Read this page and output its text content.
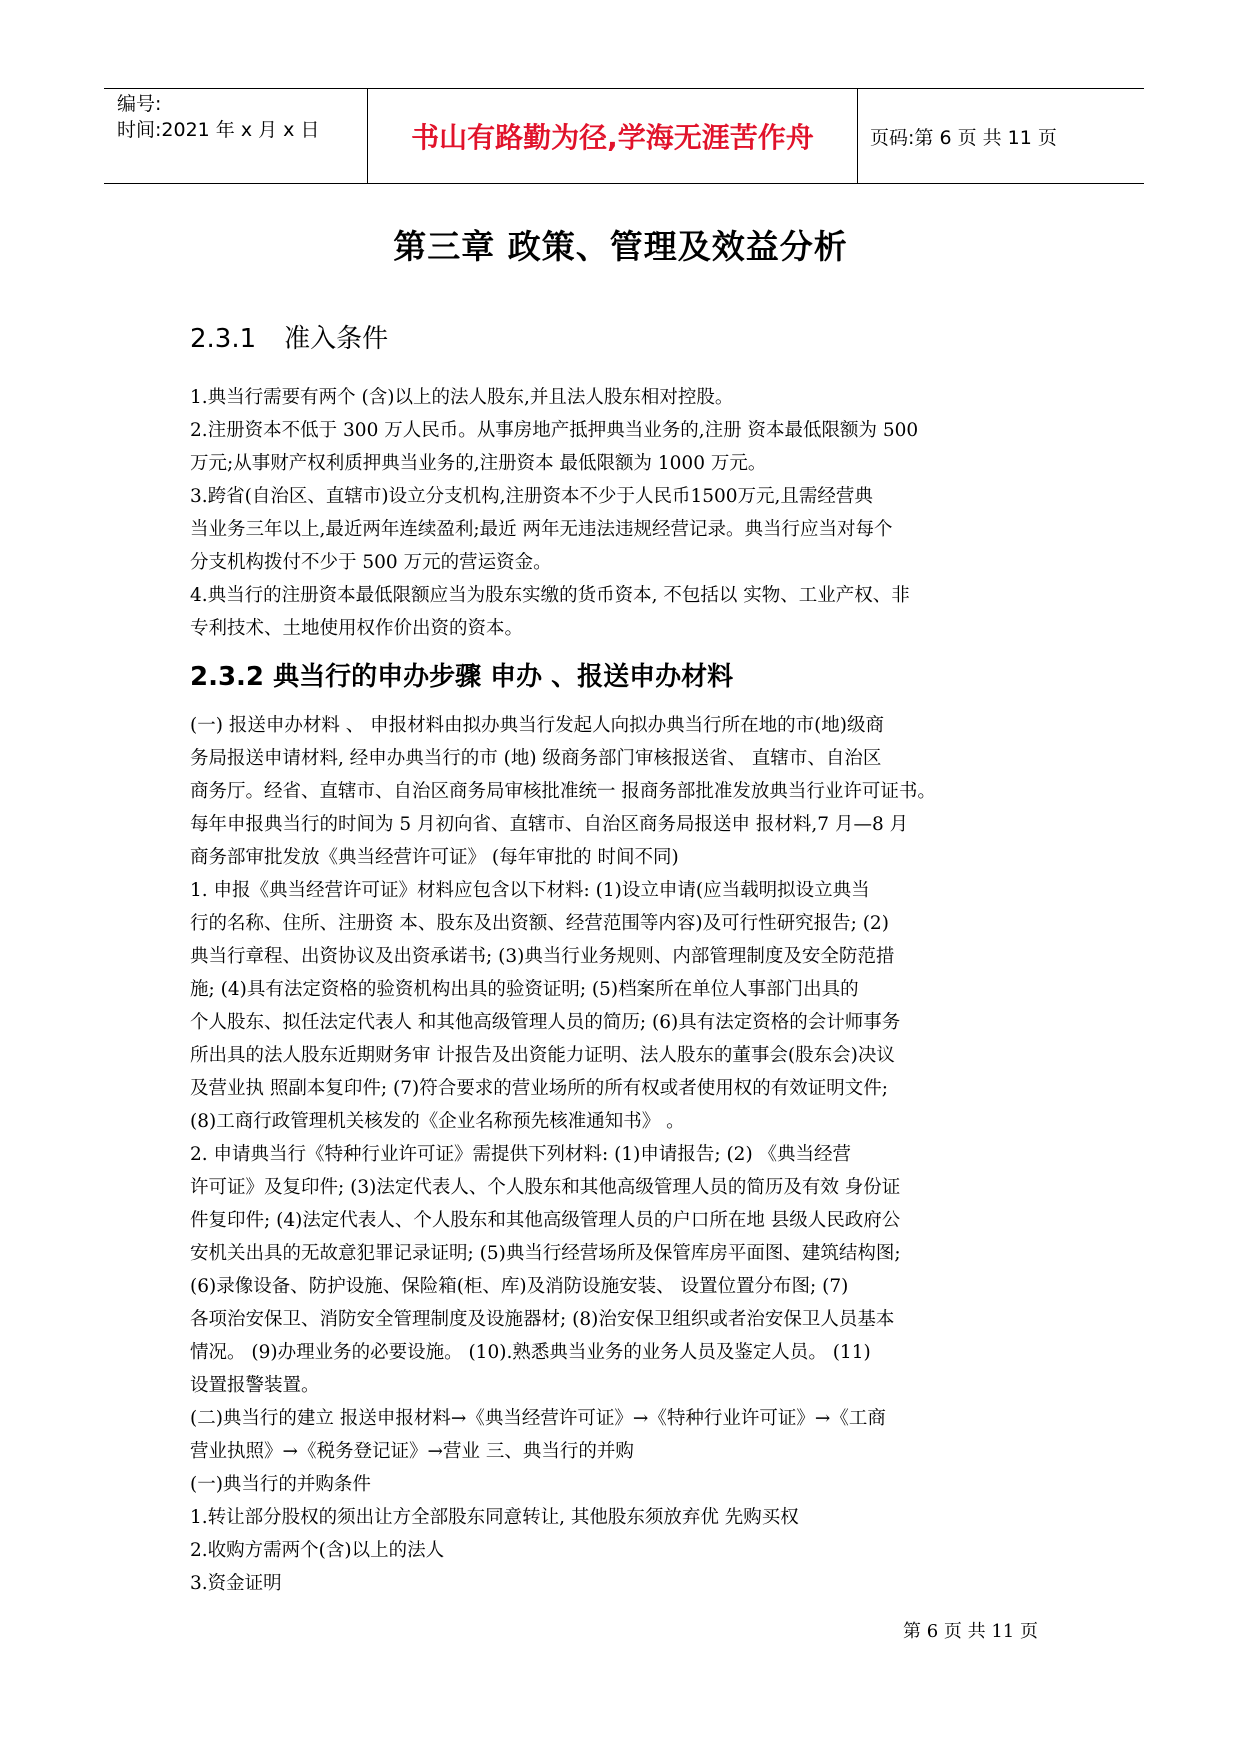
编号:
时间:2021 年 x 月 x 日	书山有路勤为径,学海无涯苦作舟	页码:第 6 页 共 11 页
第三章 政策、管理及效益分析
2.3.1 准入条件
1.典当行需要有两个 (含)以上的法人股东,并且法人股东相对控股。
2.注册资本不低于 300 万人民币。从事房地产抵押典当业务的,注册 资本最低限额为 500
万元;从事财产权利质押典当业务的,注册资本 最低限额为 1000 万元。
3.跨省(自治区、直辖市)设立分支机构,注册资本不少于人民币1500万元,且需经营典
当业务三年以上,最近两年连续盈利;最近 两年无违法违规经营记录。典当行应当对每个
分支机构拨付不少于 500 万元的营运资金。
4.典当行的注册资本最低限额应当为股东实缴的货币资本, 不包括以 实物、工业产权、非
专利技术、土地使用权作价出资的资本。
2.3.2 典当行的申办步骤 申办 、报送申办材料
(一) 报送申办材料 、 申报材料由拟办典当行发起人向拟办典当行所在地的市(地)级商
务局报送申请材料, 经申办典当行的市 (地) 级商务部门审核报送省、 直辖市、自治区
商务厅。经省、直辖市、自治区商务局审核批准统一 报商务部批准发放典当行业许可证书。
每年申报典当行的时间为 5 月初向省、直辖市、自治区商务局报送申 报材料,7 月—8 月
商务部审批发放《典当经营许可证》 (每年审批的 时间不同)
1. 申报《典当经营许可证》材料应包含以下材料: (1)设立申请(应当载明拟设立典当
行的名称、住所、注册资 本、股东及出资额、经营范围等内容)及可行性研究报告; (2)
典当行章程、出资协议及出资承诺书; (3)典当行业务规则、内部管理制度及安全防范措
施; (4)具有法定资格的验资机构出具的验资证明; (5)档案所在单位人事部门出具的
个人股东、拟任法定代表人 和其他高级管理人员的简历; (6)具有法定资格的会计师事务
所出具的法人股东近期财务审 计报告及出资能力证明、法人股东的董事会(股东会)决议
及营业执 照副本复印件; (7)符合要求的营业场所的所有权或者使用权的有效证明文件;
(8)工商行政管理机关核发的《企业名称预先核准通知书》 。
2. 申请典当行《特种行业许可证》需提供下列材料: (1)申请报告; (2) 《典当经营
许可证》及复印件; (3)法定代表人、个人股东和其他高级管理人员的简历及有效 身份证
件复印件; (4)法定代表人、个人股东和其他高级管理人员的户口所在地 县级人民政府公
安机关出具的无故意犯罪记录证明; (5)典当行经营场所及保管库房平面图、建筑结构图;
(6)录像设备、防护设施、保险箱(柜、库)及消防设施安装、 设置位置分布图; (7)
各项治安保卫、消防安全管理制度及设施器材; (8)治安保卫组织或者治安保卫人员基本
情况。 (9)办理业务的必要设施。 (10).熟悉典当业务的业务人员及鉴定人员。 (11)
设置报警装置。
(二)典当行的建立 报送申报材料→《典当经营许可证》→《特种行业许可证》→《工商
营业执照》→《税务登记证》→营业 三、典当行的并购
(一)典当行的并购条件
1.转让部分股权的须出让方全部股东同意转让, 其他股东须放弃优 先购买权
2.收购方需两个(含)以上的法人
3.资金证明
第 6 页 共 11 页
